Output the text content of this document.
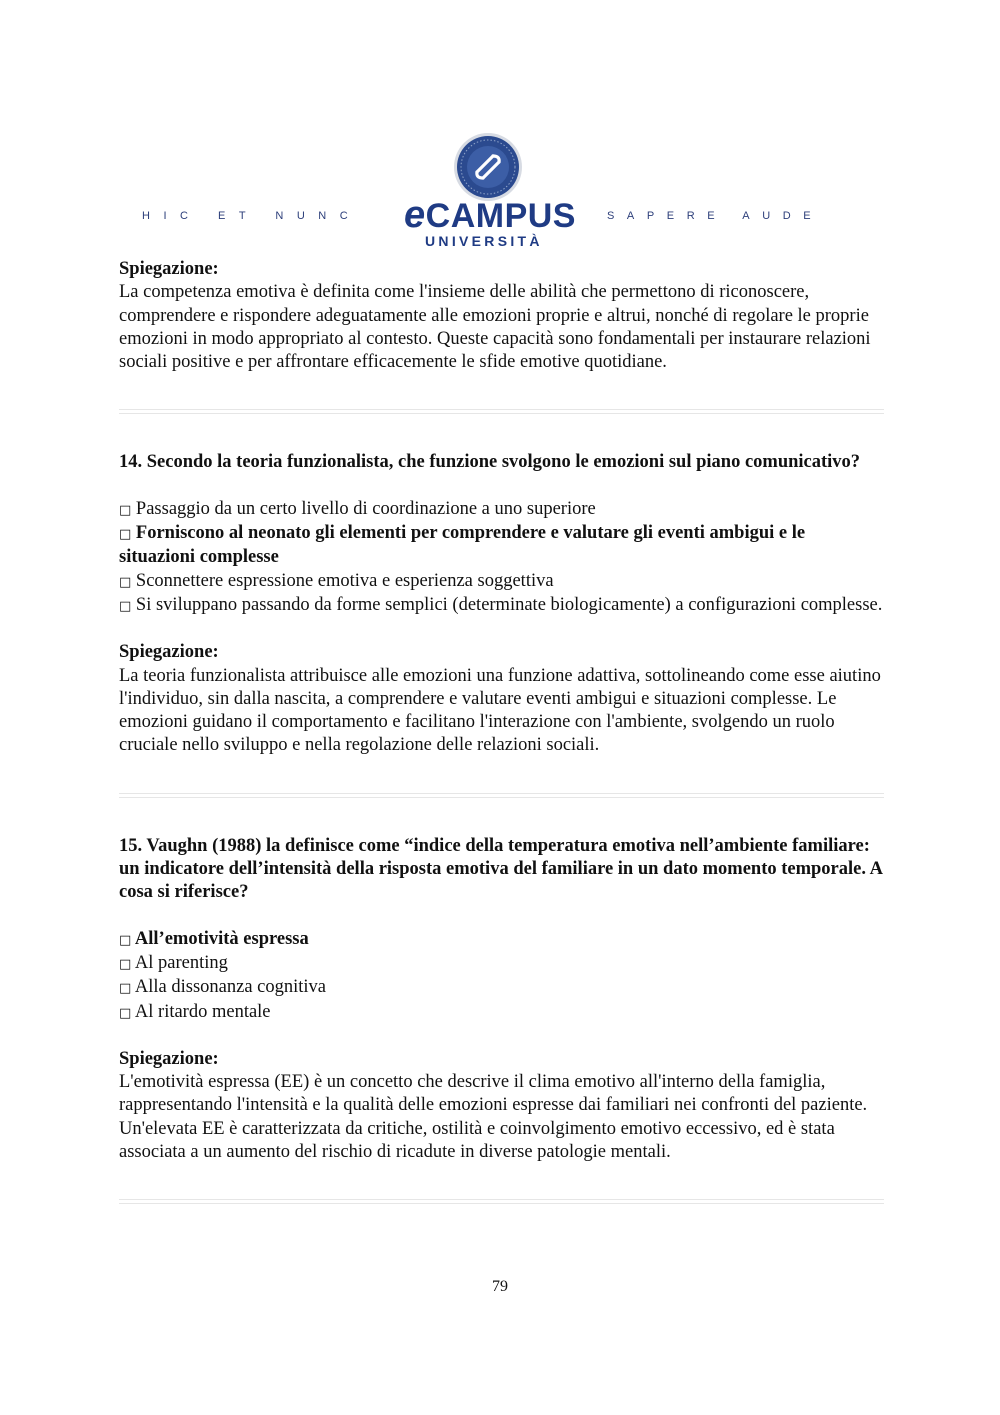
HIC ET NUNC eCAMPUS
UNIVERSITÀ
SAPERE AUDE

Spiegazione:

La competenza emotiva è definita come l'insieme delle abilità che permettono di riconoscere, comprendere e rispondere adeguatamente alle emozioni proprie e altrui, nonché di regolare le proprie emozioni in modo appropriato al contesto. Queste capacità sono fondamentali per instaurare relazioni sociali positive e per affrontare efficacemente le sfide emotive quotidiane.

14. Secondo la teoria funzionalista, che funzione svolgono le emozioni sul piano comunicativo?

□ Passaggio da un certo livello di coordinazione a uno superiore
□ Forniscono al neonato gli elementi per comprendere e valutare gli eventi ambigui e le situazioni complesse
□ Sconnettere espressione emotiva e esperienza soggettiva
□ Si sviluppano passando da forme semplici (determinate biologicamente) a configurazioni complesse.

Spiegazione:

La teoria funzionalista attribuisce alle emozioni una funzione adattiva, sottolineando come esse aiutino l'individuo, sin dalla nascita, a comprendere e valutare eventi ambigui e situazioni complesse. Le emozioni guidano il comportamento e facilitano l'interazione con l'ambiente, svolgendo un ruolo cruciale nello sviluppo e nella regolazione delle relazioni sociali.

15. Vaughn (1988) la definisce come “indice della temperatura emotiva nell’ambiente familiare: un indicatore dell’intensità della risposta emotiva del familiare in un dato momento temporale. A cosa si riferisce?

□ All’emotività espressa
□ Al parenting
□ Alla dissonanza cognitiva
□ Al ritardo mentale

Spiegazione:

L'emotività espressa (EE) è un concetto che descrive il clima emotivo all'interno della famiglia, rappresentando l'intensità e la qualità delle emozioni espresse dai familiari nei confronti del paziente. Un'elevata EE è caratterizzata da critiche, ostilità e coinvolgimento emotivo eccessivo, ed è stata associata a un aumento del rischio di ricadute in diverse patologie mentali.

79
